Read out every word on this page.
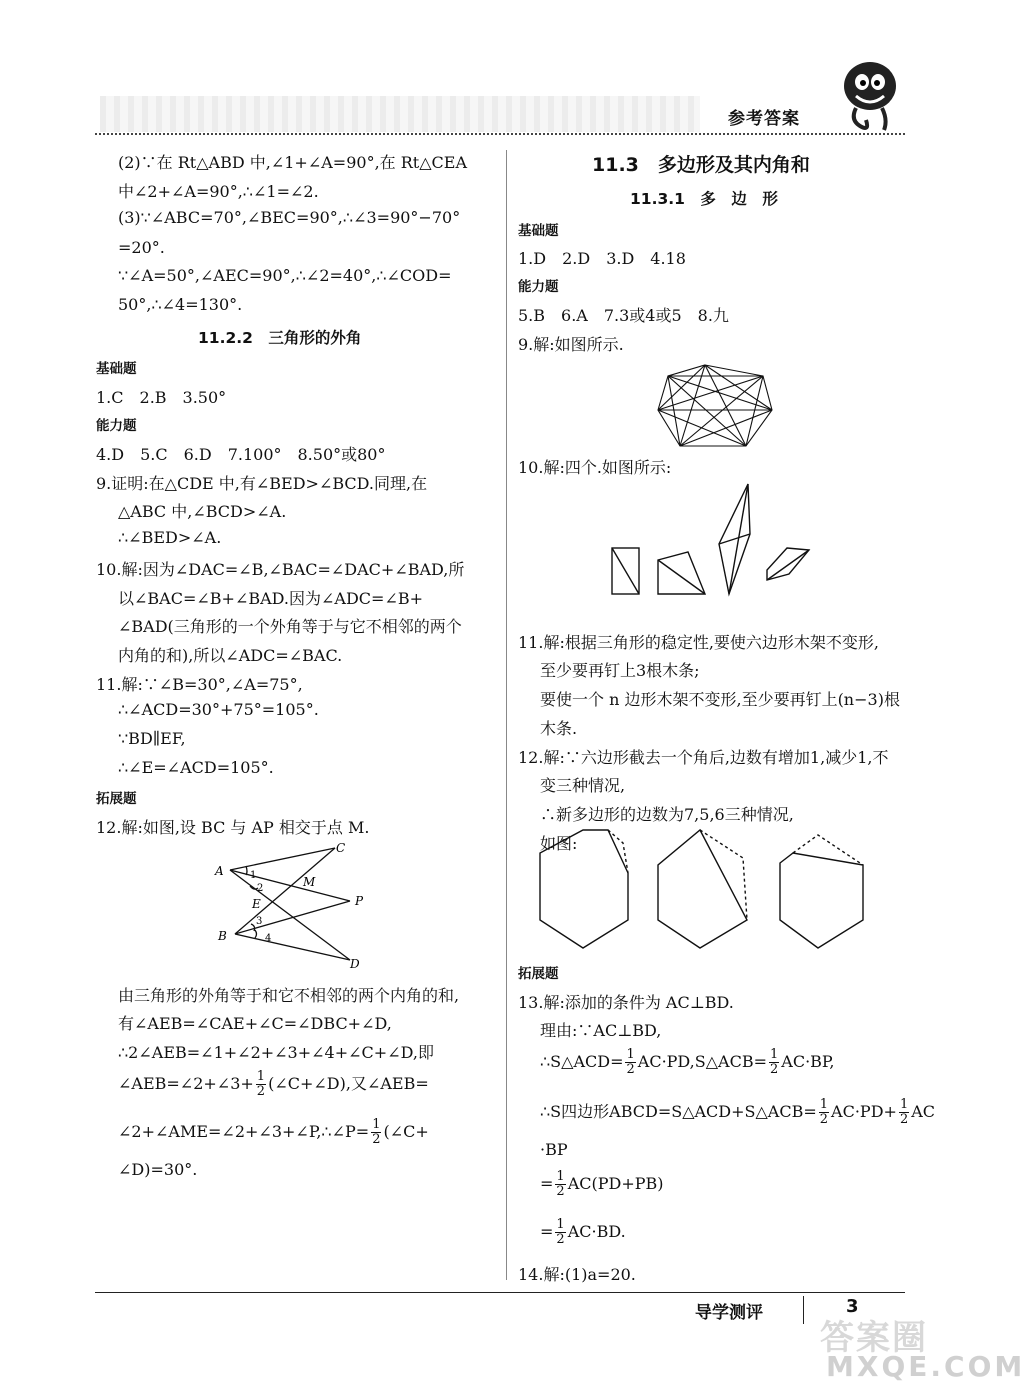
参考答案
(2)∵在 Rt△ABD 中,∠1+∠A=90°,在 Rt△CEA
中∠2+∠A=90°,∴∠1=∠2.
(3)∵∠ABC=70°,∠BEC=90°,∴∠3=90°−70°
=20°.
∵∠A=50°,∠AEC=90°,∴∠2=40°,∴∠COD=
50°,∴∠4=130°.
11.2.2　三角形的外角
基础题
1.C　2.B　3.50°
能力题
4.D　5.C　6.D　7.100°　8.50°或80°
9.证明:在△CDE 中,有∠BED>∠BCD.同理,在
△ABC 中,∠BCD>∠A.
∴∠BED>∠A.
10.解:因为∠DAC=∠B,∠BAC=∠DAC+∠BAD,所
以∠BAC=∠B+∠BAD.因为∠ADC=∠B+
∠BAD(三角形的一个外角等于与它不相邻的两个
内角的和),所以∠ADC=∠BAC.
11.解:∵∠B=30°,∠A=75°,
∴∠ACD=30°+75°=105°.
∵BD∥EF,
∴∠E=∠ACD=105°.
拓展题
12.解:如图,设 BC 与 AP 相交于点 M.
A
B
C
D
E
M
P
1
2
3
4
由三角形的外角等于和它不相邻的两个内角的和,
有∠AEB=∠CAE+∠C=∠DBC+∠D,
∴2∠AEB=∠1+∠2+∠3+∠4+∠C+∠D,即
∠AEB=∠2+∠3+ $\frac{1}{2}$ (∠C+∠D),又∠AEB=
∠2+∠AME=∠2+∠3+∠P,∴∠P= $\frac{1}{2}$ (∠C+
∠D)=30°.
11.3　多边形及其内角和
11.3.1　多　边　形
基础题
1.D　2.D　3.D　4.18
能力题
5.B　6.A　7.3或4或5　8.九
9.解:如图所示.
10.解:四个.如图所示:
11.解:根据三角形的稳定性,要使六边形木架不变形,
至少要再钉上3根木条;
要使一个 n 边形木架不变形,至少要再钉上(n−3)根
木条.
12.解:∵六边形截去一个角后,边数有增加1,减少1,不
变三种情况,
∴新多边形的边数为7,5,6三种情况,
如图:
拓展题
13.解:添加的条件为 AC⊥BD.
理由:∵AC⊥BD,
∴S△ACD= $\frac{1}{2}$ AC·PD,S△ACB= $\frac{1}{2} AC\cdot BP$,
∴S四边形ABCD=S△ACD+S△ACB= $\frac{1}{2} AC\cdot PD+ \frac{1}{2}$ AC
·BP
= $\frac{1}{2} AC(PD+PB)$
= $\frac{1}{2} AC\cdot BD$.
14.解:(1)a=20.
导学测评	3
答案圈
MXQE.COM
